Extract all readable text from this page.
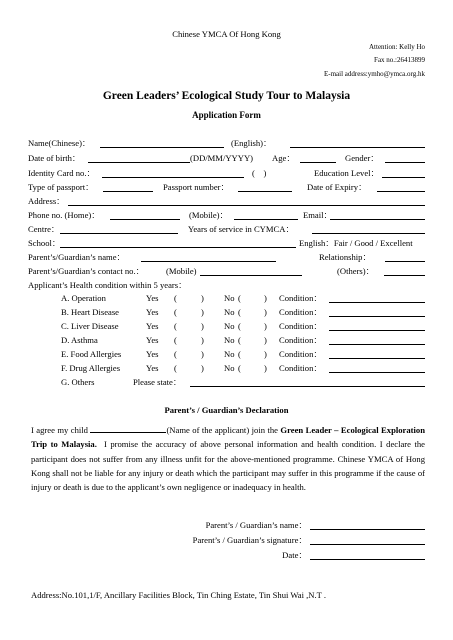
Chinese YMCA Of Hong Kong
Attention: Kelly Ho
Fax no.:26413899
E-mail address:ymho@ymca.org.hk
Green Leaders’ Ecological Study Tour to Malaysia
Application Form
Name(Chinese)：	(English)：
Date of birth：	(DD/MM/YYYY) Age：	Gender：
Identity Card no.：	(　)	Education Level：
Type of passport：	Passport number：	Date of Expiry：
Address：
Phone no. (Home)：	(Mobile)：	Email：
Centre：	Years of service in CYMCA：
School：	English：Fair / Good / Excellent
Parent’s/Guardian’s name：	Relationship：
Parent’s/Guardian’s contact no.：	(Mobile)	(Others)：
Applicant’s Health condition within 5 years：
A. Operation	Yes (	) No (	) Condition：
B. Heart Disease	Yes (	) No (	) Condition：
C. Liver Disease	Yes (	) No (	) Condition：
D. Asthma	Yes (	) No (	) Condition：
E. Food Allergies	Yes (	) No (	) Condition：
F. Drug Allergies	Yes (	) No (	) Condition：
G. Others	Please state：
Parent’s / Guardian’s Declaration

I agree my child	(Name of the applicant) join the Green Leader – Ecological Exploration Trip to Malaysia. I promise the accuracy of above personal information and health condition. I declare the participant does not suffer from any illness unfit for the above-mentioned programme. Chinese YMCA of Hong Kong shall not be liable for any injury or death which the participant may suffer in this programme if the cause of injury or death is due to the applicant’s own negligence or inadequacy in health.

Parent’s / Guardian’s name：
Parent’s / Guardian’s signature：
Date：
Address:No.101,1/F, Ancillary Facilities Block, Tin Ching Estate, Tin Shui Wai ,N.T .
